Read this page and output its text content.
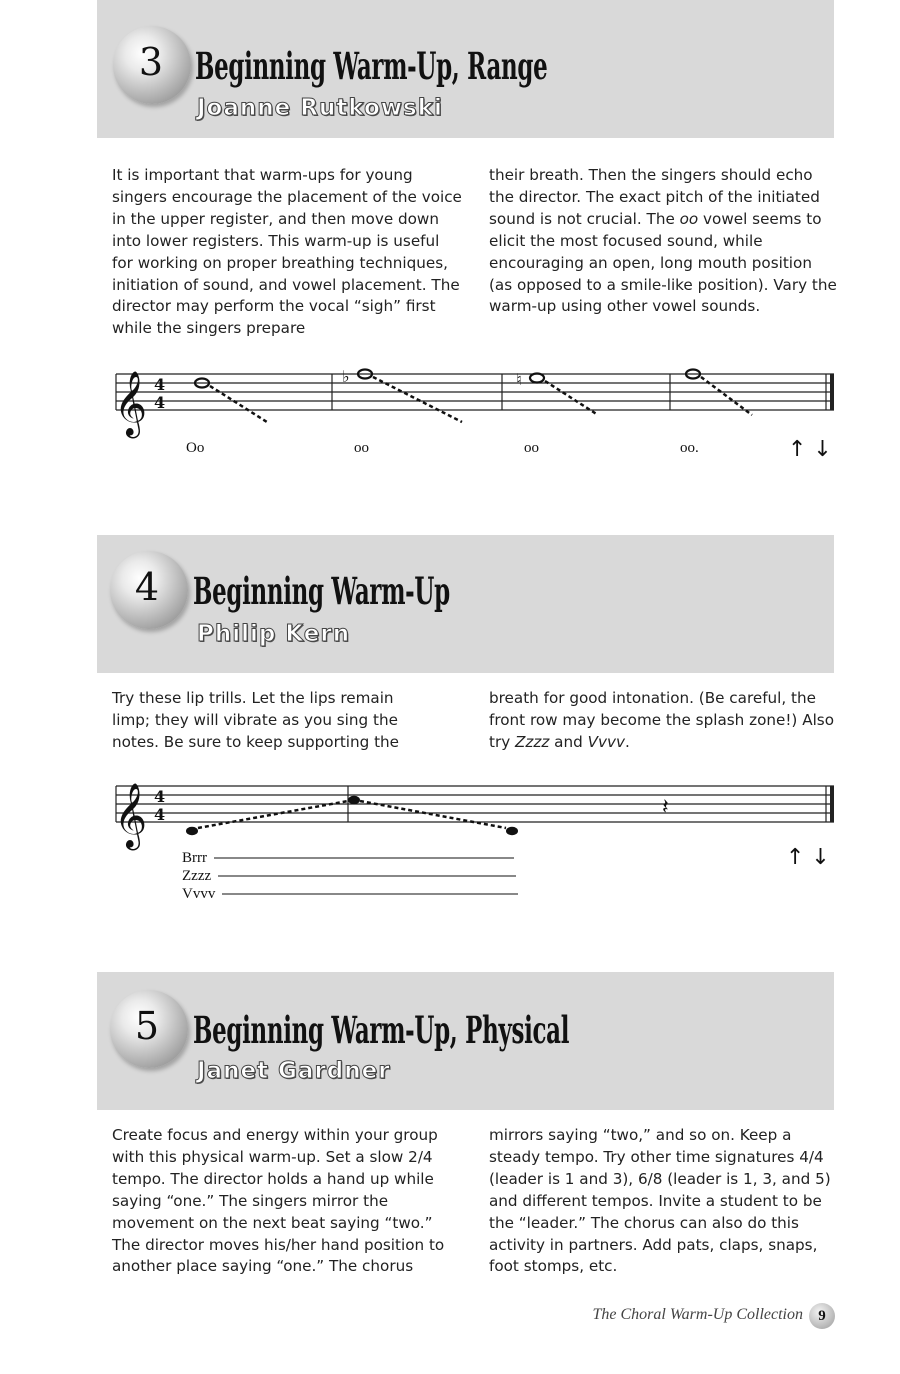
3 Beginning Warm-Up, Range
Joanne Rutkowski

It is important that warm-ups for young singers encourage the placement of the voice in the upper register, and then move down into lower registers. This warm-up is useful for working on proper breathing techniques, initiation of sound, and vowel placement. The director may perform the vocal “sigh” first while the singers prepare

their breath. Then the singers should echo the director. The exact pitch of the initiated sound is not crucial. The oo vowel seems to elicit the most focused sound, while encouraging an open, long mouth position (as opposed to a smile-like position). Vary the warm-up using other vowel sounds.

𝄞 4
4
♭	♮
Oo	oo	oo	oo.	↑ ↓
4 Beginning Warm-Up
Philip Kern

Try these lip trills. Let the lips remain limp; they will vibrate as you sing the notes. Be sure to keep supporting the

breath for good intonation. (Be careful, the front row may become the splash zone!) Also try Zzzz and Vvvv.

𝄞 4
4	𝄽
Brrr
Zzzz
Vvvv
↑ ↓
5 Beginning Warm-Up, Physical
Janet Gardner

Create focus and energy within your group with this physical warm-up. Set a slow 2/4 tempo. The director holds a hand up while saying “one.” The singers mirror the movement on the next beat saying “two.” The director moves his/her hand position to another place saying “one.” The chorus

mirrors saying “two,” and so on. Keep a steady tempo. Try other time signatures 4/4 (leader is 1 and 3), 6/8 (leader is 1, 3, and 5) and different tempos. Invite a student to be the “leader.” The chorus can also do this activity in partners. Add pats, claps, snaps, foot stomps, etc.

The Choral Warm-Up Collection	9
